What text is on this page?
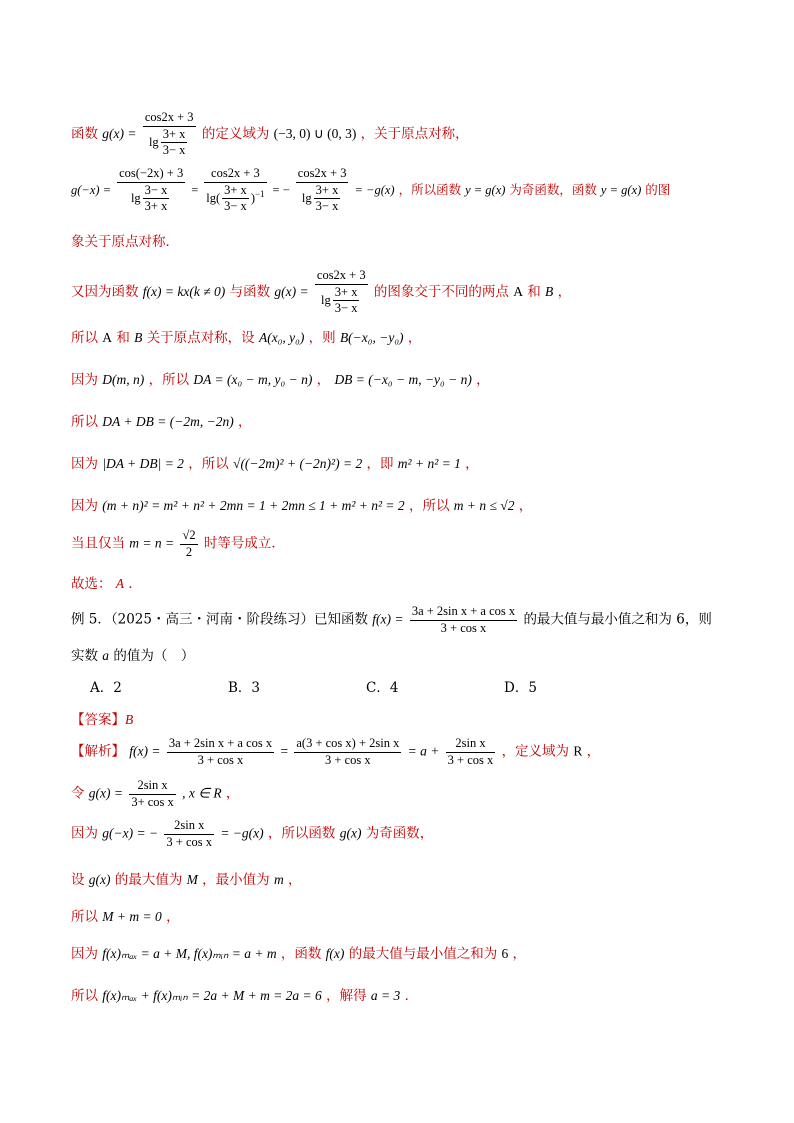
函数 $g(x) = \frac{\cos 2x + 3}{\lg \frac{3+ x}{3- x}}$ 的定义域为 (−3, 0) ∪ (0, 3) ，关于原点对称，
$g(-x) = \frac{\cos(-2x) + 3}{\lg \frac{3- x}{3+ x}} = \frac{\cos 2x + 3}{\lg( \frac{3+ x}{3- x} )^{-1}}$ = − $\frac{\cos 2x + 3}{\lg \frac{3+ x}{3- x}} = -g(x)$ ，所以函数 y = g(x) 为奇函数，函数 y = g(x) 的图
象关于原点对称．
又因为函数 f(x) = kx(k ≠ 0) 与函数 $g(x) = \frac{\cos 2x + 3}{\lg \frac{3+ x}{3- x}}$ 的图象交于不同的两点 A 和 B ，
所以 A 和 B 关于原点对称，设 A(x₀, y₀) ，则 B(−x₀, −y₀) ，
因为 D(m, n) ，所以 DA = (x₀ − m, y₀ − n) ， DB = (−x₀ − m, −y₀ − n) ，
所以 DA + DB = (−2m, −2n) ，
因为 |DA + DB| = 2 ，所以 √((−2m)² + (−2n)²) = 2 ，即 m² + n² = 1 ，
因为 (m + n)² = m² + n² + 2mn = 1 + 2mn ≤ 1 + m² + n² = 2 ，所以 m + n ≤ √2 ，
当且仅当 $m = n = \frac{√2}{2}$ 时等号成立．
故选： A ．
例 5．（2025・高三・河南・阶段练习）已知函数 $f(x) = \frac{\text{3a + 2sin x + a cos x}}{\text{3 + cos x}}$ 的最大值与最小值之和为 6，则
实数 a 的值为（　）
A．2	B．3	C．4	D．5
【答案】B
【解析】 $f(x) = \frac{\text{3a + 2sin x + a cos x}}{\text{3 + cos x}} = \frac{\text{a(3 + cos x) + 2sin x}}{\text{3 + cos x}} = a + \frac{\text{2sin x}}{\text{3 + cos x}}$ ，定义域为 R ，
令 $g(x) = \frac{\text{2sin x}}{\text{3+ cos x}}$ , x ∈ R ，
因为 g(−x) = − $\frac{\text{2sin x}}{\text{3 + cos x}} = -g(x)$ ，所以函数 g(x) 为奇函数，
设 g(x) 的最大值为 M ，最小值为 m ，
所以 M + m = 0 ，
因为 f(x)ₘₐₓ = a + M, f(x)ₘᵢₙ = a + m ，函数 f(x) 的最大值与最小值之和为 6 ，
所以 f(x)ₘₐₓ + f(x)ₘᵢₙ = 2a + M + m = 2a = 6 ，解得 a = 3 ．
